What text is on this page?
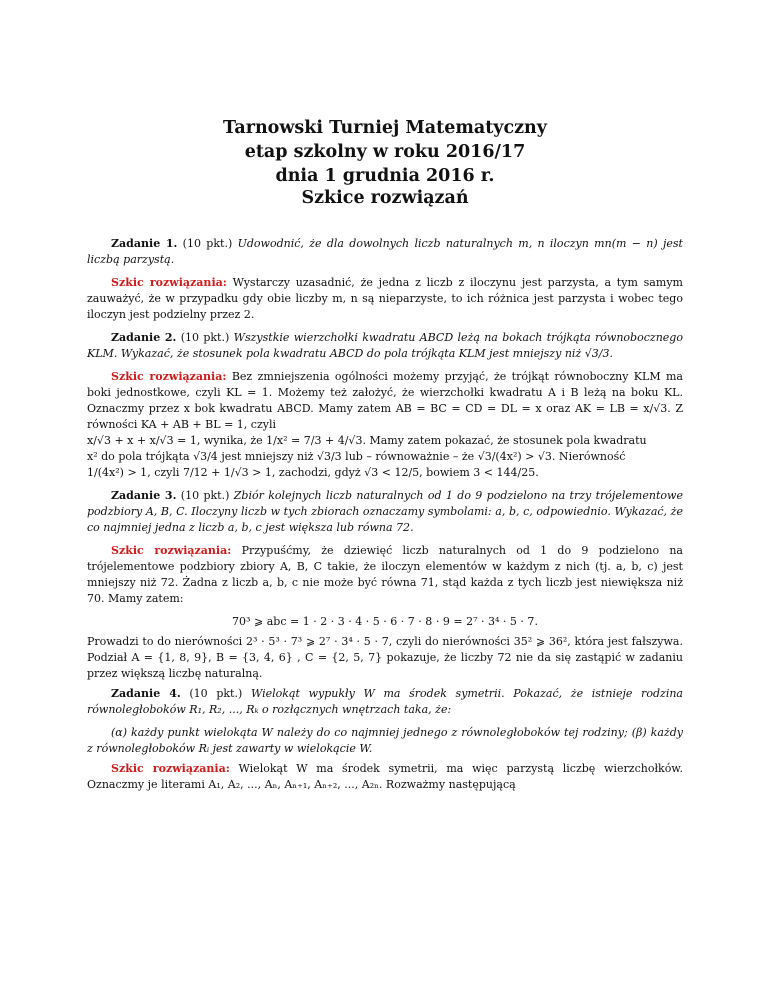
Tarnowski Turniej Matematyczny
etap szkolny w roku 2016/17
dnia 1 grudnia 2016 r.
Szkice rozwiązań

Zadanie 1. (10 pkt.) Udowodnić, że dla dowolnych liczb naturalnych m, n iloczyn mn(m − n) jest liczbą parzystą.

Szkic rozwiązania: Wystarczy uzasadnić, że jedna z liczb z iloczynu jest parzysta, a tym samym zauważyć, że w przypadku gdy obie liczby m, n są nieparzyste, to ich różnica jest parzysta i wobec tego iloczyn jest podzielny przez 2.

Zadanie 2. (10 pkt.) Wszystkie wierzchołki kwadratu ABCD leżą na bokach trójkąta równobocznego KLM. Wykazać, że stosunek pola kwadratu ABCD do pola trójkąta KLM jest mniejszy niż √3/3.

Szkic rozwiązania: Bez zmniejszenia ogólności możemy przyjąć, że trójkąt równoboczny KLM ma boki jednostkowe, czyli KL = 1. Możemy też założyć, że wierzchołki kwadratu A i B leżą na boku KL. Oznaczmy przez x bok kwadratu ABCD. Mamy zatem AB = BC = CD = DL = x oraz AK = LB = x/√3. Z równości KA + AB + BL = 1, czyli

x/√3 + x + x/√3 = 1, wynika, że 1/x² = 7/3 + 4/√3. Mamy zatem pokazać, że stosunek pola kwadratu

x² do pola trójkąta √3/4 jest mniejszy niż √3/3 lub – równoważnie – że √3/(4x²) > √3. Nierówność

1/(4x²) > 1, czyli 7/12 + 1/√3 > 1, zachodzi, gdyż √3 < 12/5, bowiem 3 < 144/25.

Zadanie 3. (10 pkt.) Zbiór kolejnych liczb naturalnych od 1 do 9 podzielono na trzy trójelementowe podzbiory A, B, C. Iloczyny liczb w tych zbiorach oznaczamy symbolami: a, b, c, odpowiednio. Wykazać, że co najmniej jedna z liczb a, b, c jest większa lub równa 72.

Szkic rozwiązania: Przypuśćmy, że dziewięć liczb naturalnych od 1 do 9 podzielono na trójelementowe podzbiory zbiory A, B, C takie, że iloczyn elementów w każdym z nich (tj. a, b, c) jest mniejszy niż 72. Żadna z liczb a, b, c nie może być równa 71, stąd każda z tych liczb jest niewiększa niż 70. Mamy zatem:

70³ ⩾ abc = 1 · 2 · 3 · 4 · 5 · 6 · 7 · 8 · 9 = 2⁷ · 3⁴ · 5 · 7.

Prowadzi to do nierówności 2³ · 5³ · 7³ ⩾ 2⁷ · 3⁴ · 5 · 7, czyli do nierówności 35² ⩾ 36², która jest fałszywa. Podział A = {1, 8, 9}, B = {3, 4, 6} , C = {2, 5, 7} pokazuje, że liczby 72 nie da się zastąpić w zadaniu przez większą liczbę naturalną.

Zadanie 4. (10 pkt.) Wielokąt wypukły W ma środek symetrii. Pokazać, że istnieje rodzina równoległoboków R₁, R₂, ..., Rₖ o rozłącznych wnętrzach taka, że:

(α) każdy punkt wielokąta W należy do co najmniej jednego z równoległoboków tej rodziny; (β) każdy z równoległoboków Rᵢ jest zawarty w wielokącie W.

Szkic rozwiązania: Wielokąt W ma środek symetrii, ma więc parzystą liczbę wierzchołków. Oznaczmy je literami A₁, A₂, ..., Aₙ, Aₙ₊₁, Aₙ₊₂, ..., A₂ₙ. Rozważmy następującą
